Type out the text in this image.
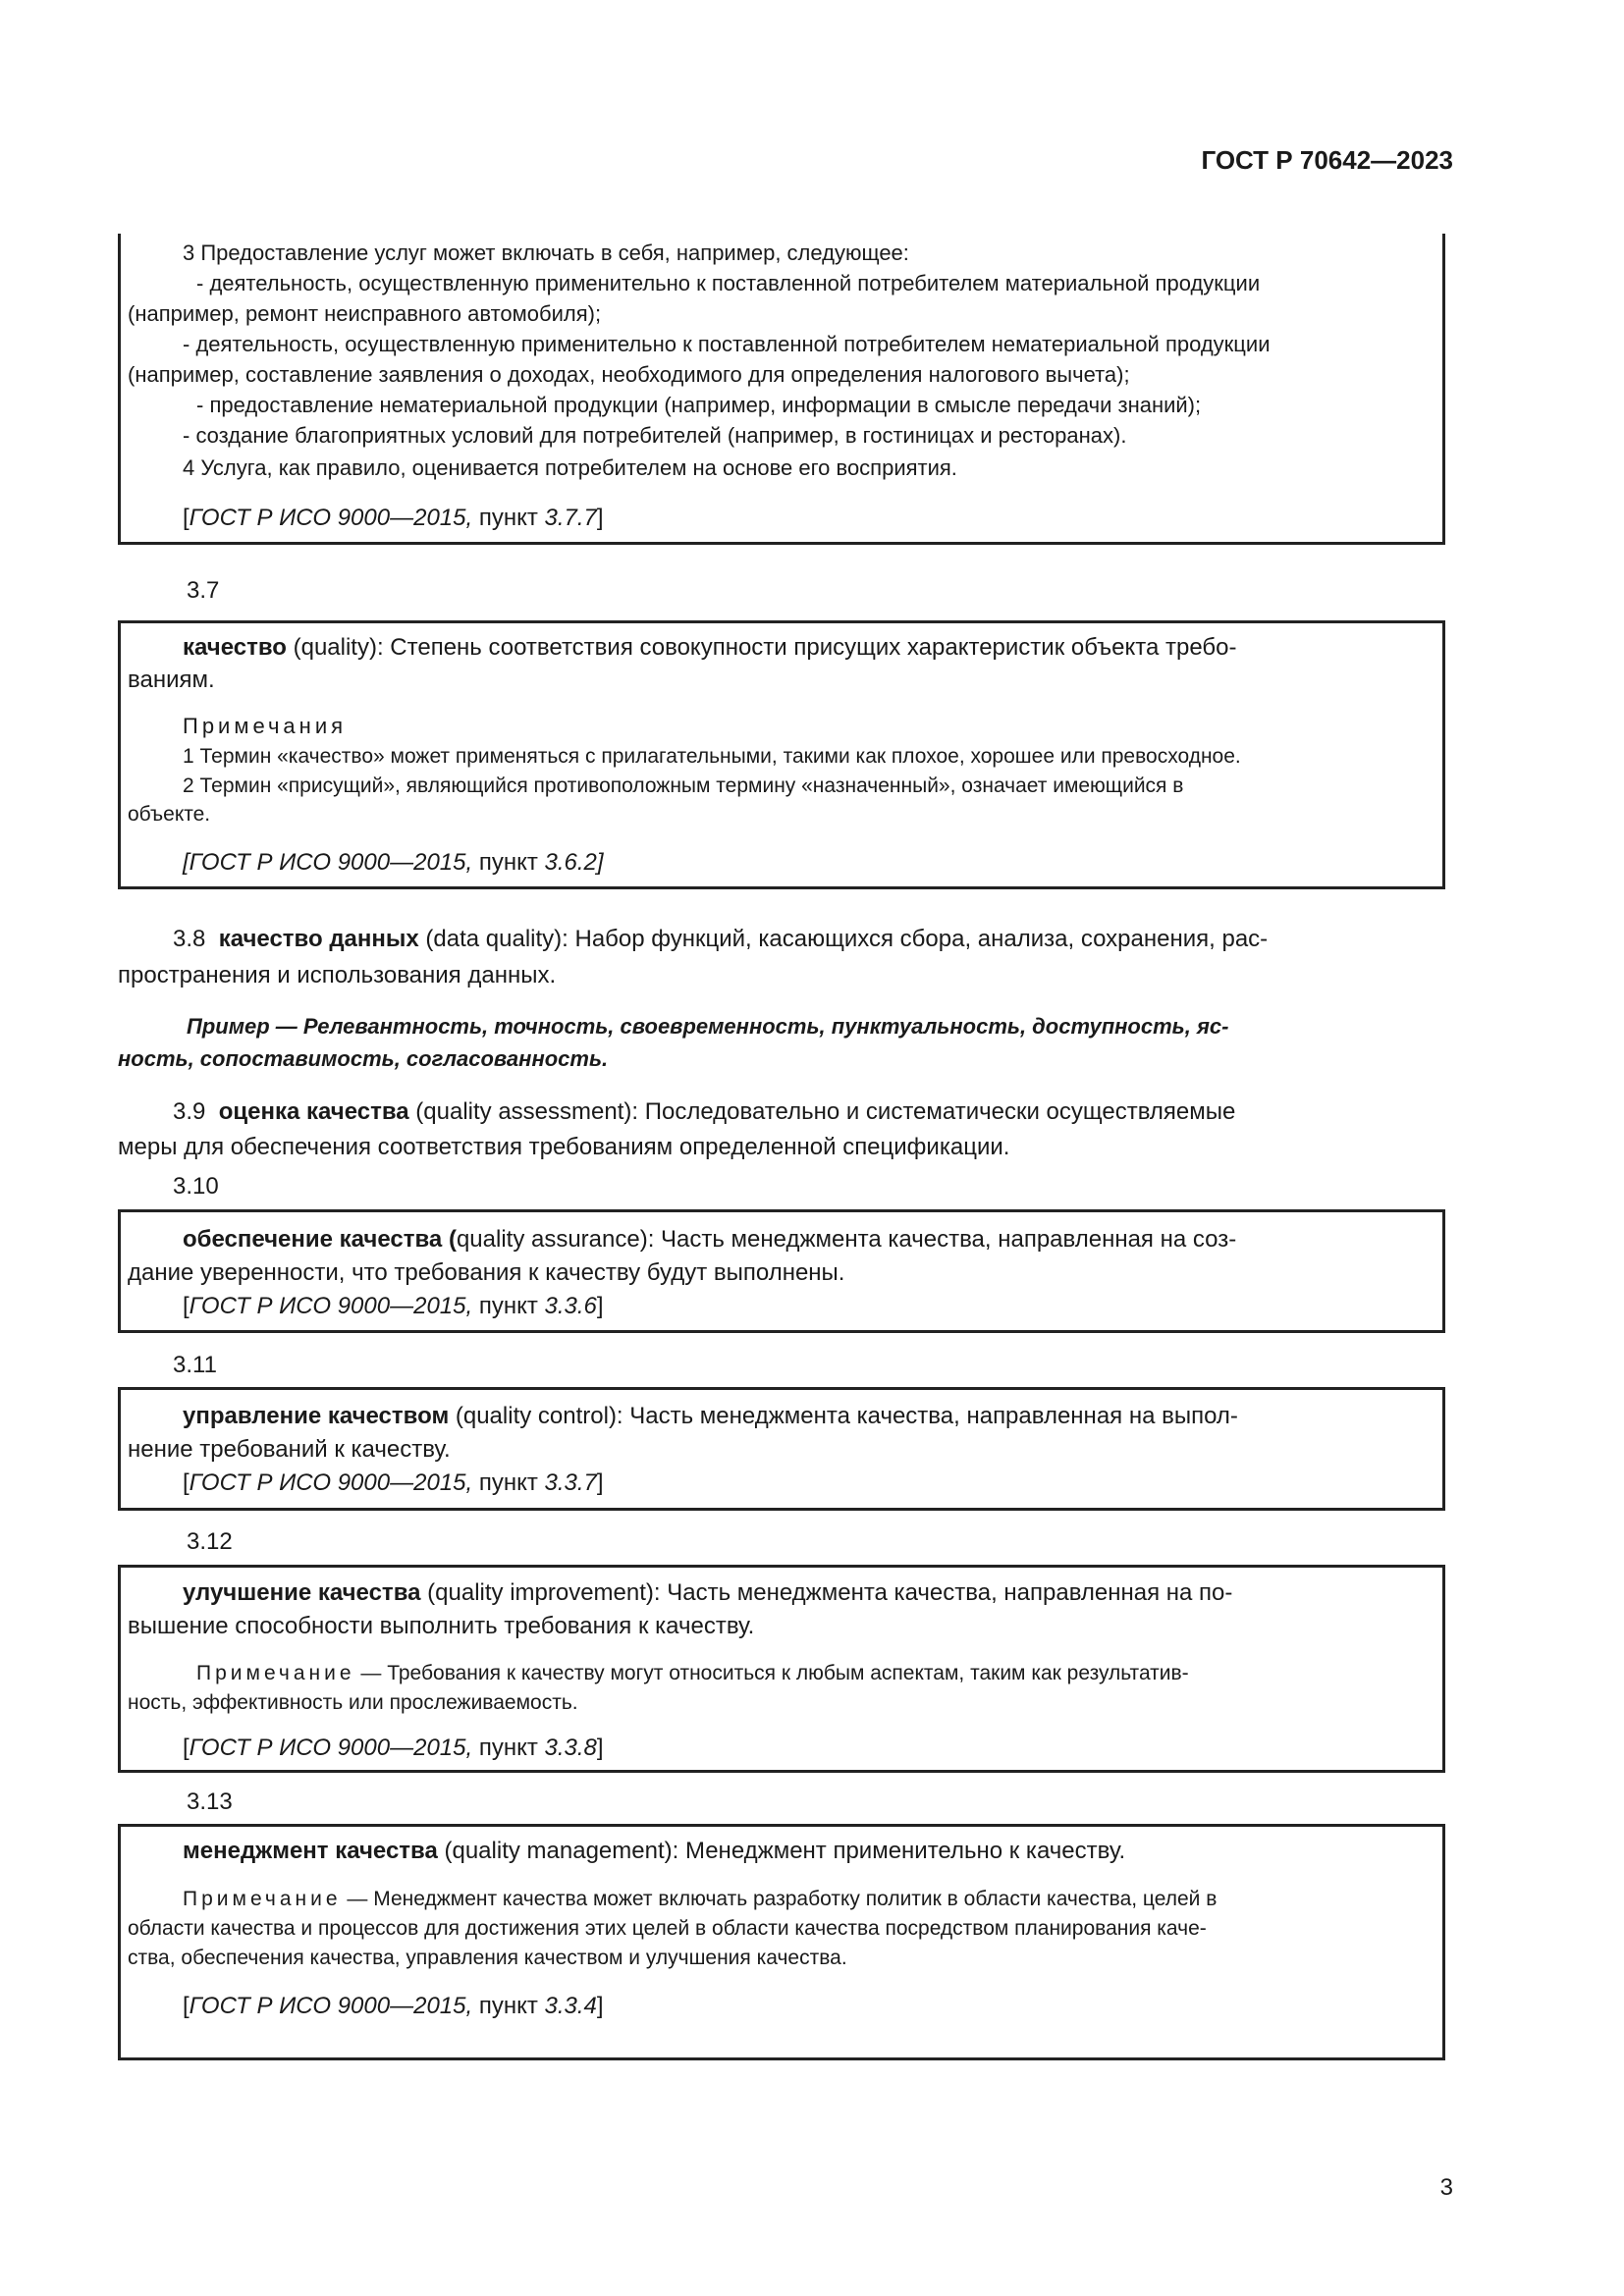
ГОСТ Р 70642—2023
3 Предоставление услуг может включать в себя, например, следующее:
- деятельность, осуществленную применительно к поставленной потребителем материальной продукции
(например, ремонт неисправного автомобиля);
- деятельность, осуществленную применительно к поставленной потребителем нематериальной продукции
(например, составление заявления о доходах, необходимого для определения налогового вычета);
- предоставление нематериальной продукции (например, информации в смысле передачи знаний);
- создание благоприятных условий для потребителей (например, в гостиницах и ресторанах).
4 Услуга, как правило, оценивается потребителем на основе его восприятия.
[ГОСТ Р ИСО 9000—2015, пункт 3.7.7]
3.7
качество (quality): Степень соответствия совокупности присущих характеристик объекта требо-
ваниям.
Примечания
1 Термин «качество» может применяться с прилагательными, такими как плохое, хорошее или превосходное.
2 Термин «присущий», являющийся противоположным термину «назначенный», означает имеющийся в
объекте.
[ГОСТ Р ИСО 9000—2015, пункт 3.6.2]
3.8 качество данных (data quality): Набор функций, касающихся сбора, анализа, сохранения, рас-
пространения и использования данных.
Пример — Релевантность, точность, своевременность, пунктуальность, доступность, яс-
ность, сопоставимость, согласованность.
3.9 оценка качества (quality assessment): Последовательно и систематически осуществляемые
меры для обеспечения соответствия требованиям определенной спецификации.
3.10
обеспечение качества (quality assurance): Часть менеджмента качества, направленная на соз-
дание уверенности, что требования к качеству будут выполнены.
[ГОСТ Р ИСО 9000—2015, пункт 3.3.6]
3.11
управление качеством (quality control): Часть менеджмента качества, направленная на выпол-
нение требований к качеству.
[ГОСТ Р ИСО 9000—2015, пункт 3.3.7]
3.12
улучшение качества (quality improvement): Часть менеджмента качества, направленная на по-
вышение способности выполнить требования к качеству.
Примечание — Требования к качеству могут относиться к любым аспектам, таким как результатив-
ность, эффективность или прослеживаемость.
[ГОСТ Р ИСО 9000—2015, пункт 3.3.8]
3.13
менеджмент качества (quality management): Менеджмент применительно к качеству.
Примечание — Менеджмент качества может включать разработку политик в области качества, целей в
области качества и процессов для достижения этих целей в области качества посредством планирования каче-
ства, обеспечения качества, управления качеством и улучшения качества.
[ГОСТ Р ИСО 9000—2015, пункт 3.3.4]
3
